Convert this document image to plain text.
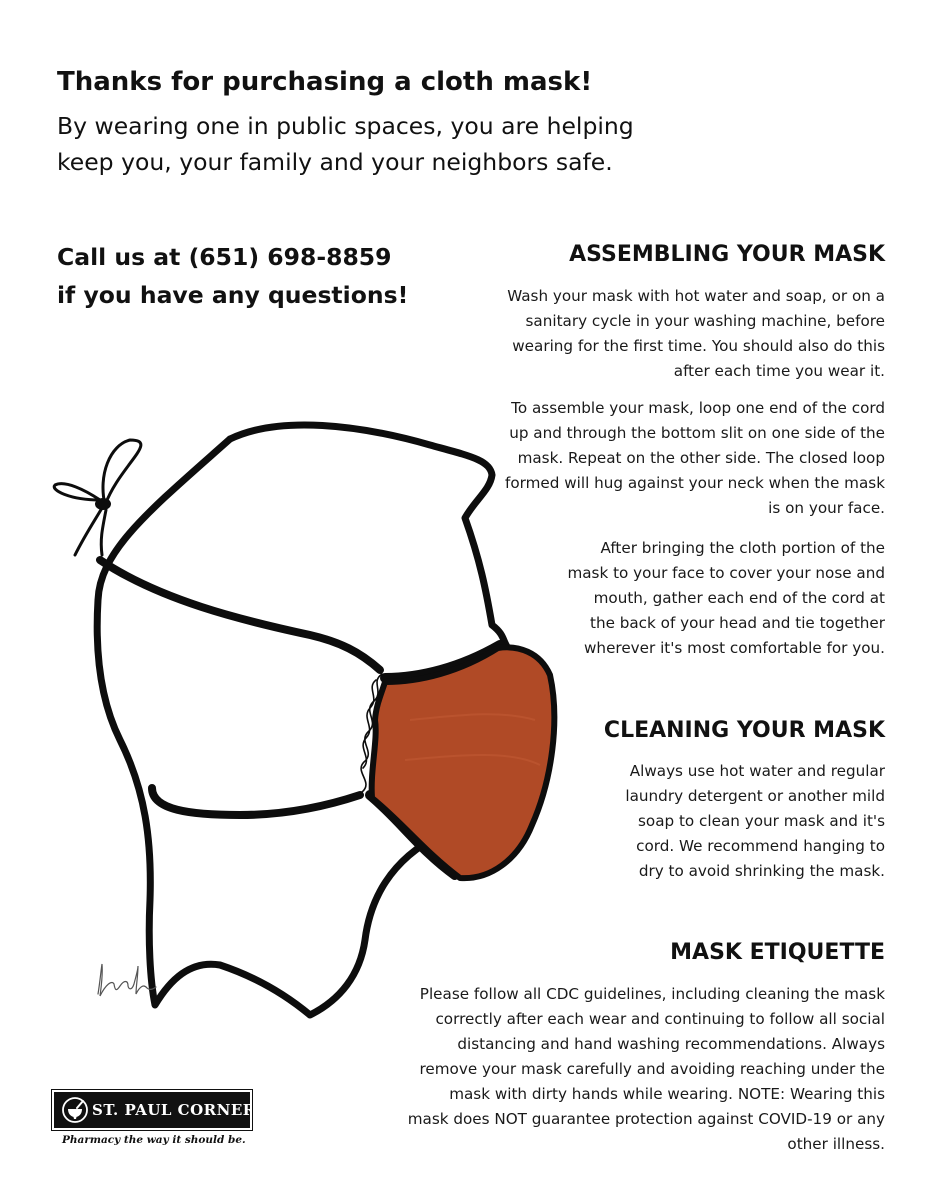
Thanks for purchasing a cloth mask!
By wearing one in public spaces, you are helping keep you, your family and your neighbors safe.
Call us at (651) 698-8859
if you have any questions!
ASSEMBLING YOUR MASK

Wash your mask with hot water and soap, or on a sanitary cycle in your washing machine, before wearing for the first time. You should also do this after each time you wear it.

To assemble your mask, loop one end of the cord up and through the bottom slit on one side of the mask. Repeat on the other side. The closed loop formed will hug against your neck when the mask is on your face.

After bringing the cloth portion of the mask to your face to cover your nose and mouth, gather each end of the cord at the back of your head and tie together wherever it's most comfortable for you.

CLEANING YOUR MASK

Always use hot water and regular laundry detergent or another mild soap to clean your mask and it's cord. We recommend hanging to dry to avoid shrinking the mask.

MASK ETIQUETTE

Please follow all CDC guidelines, including cleaning the mask correctly after each wear and continuing to follow all social distancing and hand washing recommendations. Always remove your mask carefully and avoiding reaching under the mask with dirty hands while wearing. NOTE: Wearing this mask does NOT guarantee protection against COVID-19 or any other illness.

ST. PAUL CORNER DRUG
Pharmacy the way it should be.
